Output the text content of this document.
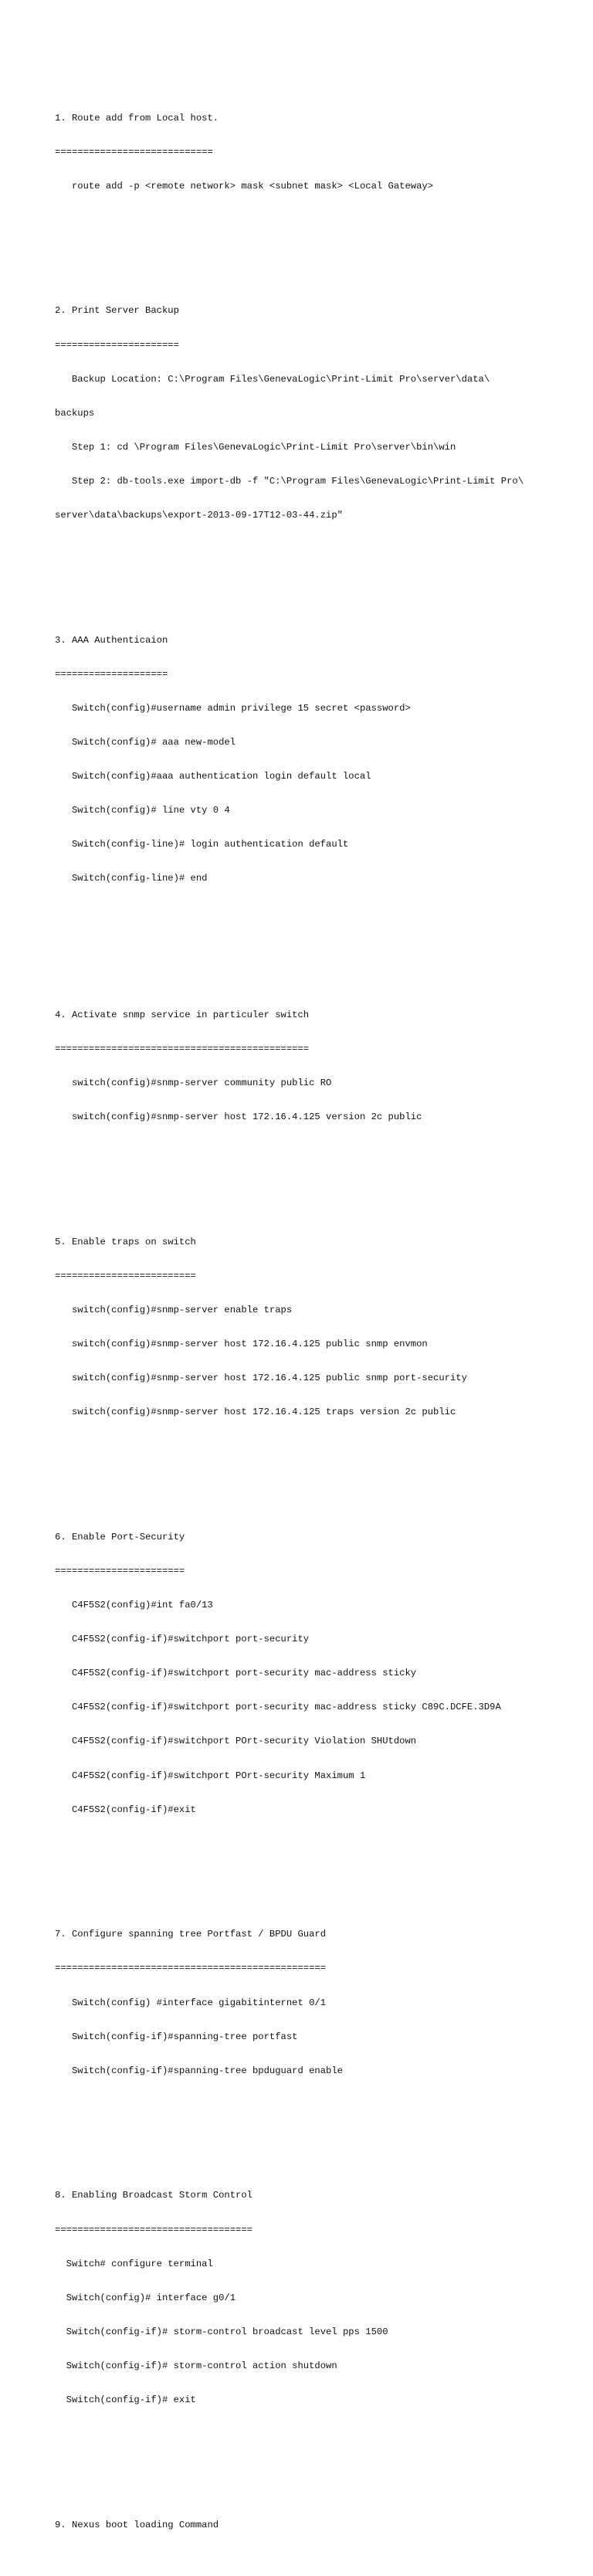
1. Route add from Local host.

============================

route add -p <remote network> mask <subnet mask> <Local Gateway>

2. Print Server Backup

======================

Backup Location: C:\Program Files\GenevaLogic\Print-Limit Pro\server\data\

backups

Step 1: cd \Program Files\GenevaLogic\Print-Limit Pro\server\bin\win

Step 2: db-tools.exe import-db -f "C:\Program Files\GenevaLogic\Print-Limit Pro\

server\data\backups\export-2013-09-17T12-03-44.zip"

3. AAA Authenticaion

====================

Switch(config)#username admin privilege 15 secret <password>

Switch(config)# aaa new-model

Switch(config)#aaa authentication login default local

Switch(config)# line vty 0 4

Switch(config-line)# login authentication default

Switch(config-line)# end

4. Activate snmp service in particuler switch

=============================================

switch(config)#snmp-server community public RO

switch(config)#snmp-server host 172.16.4.125 version 2c public

5. Enable traps on switch

=========================

switch(config)#snmp-server enable traps

switch(config)#snmp-server host 172.16.4.125 public snmp envmon

switch(config)#snmp-server host 172.16.4.125 public snmp port-security

switch(config)#snmp-server host 172.16.4.125 traps version 2c public

6. Enable Port-Security

=======================

C4F5S2(config)#int fa0/13

C4F5S2(config-if)#switchport port-security

C4F5S2(config-if)#switchport port-security mac-address sticky

C4F5S2(config-if)#switchport port-security mac-address sticky C89C.DCFE.3D9A

C4F5S2(config-if)#switchport POrt-security Violation SHUtdown

C4F5S2(config-if)#switchport POrt-security Maximum 1

C4F5S2(config-if)#exit

7. Configure spanning tree Portfast / BPDU Guard

================================================

Switch(config) #interface gigabitinternet 0/1

Switch(config-if)#spanning-tree portfast

Switch(config-if)#spanning-tree bpduguard enable

8. Enabling Broadcast Storm Control

===================================

Switch# configure terminal

Switch(config)# interface g0/1

Switch(config-if)# storm-control broadcast level pps 1500

Switch(config-if)# storm-control action shutdown

Switch(config-if)# exit

9. Nexus boot loading Command
